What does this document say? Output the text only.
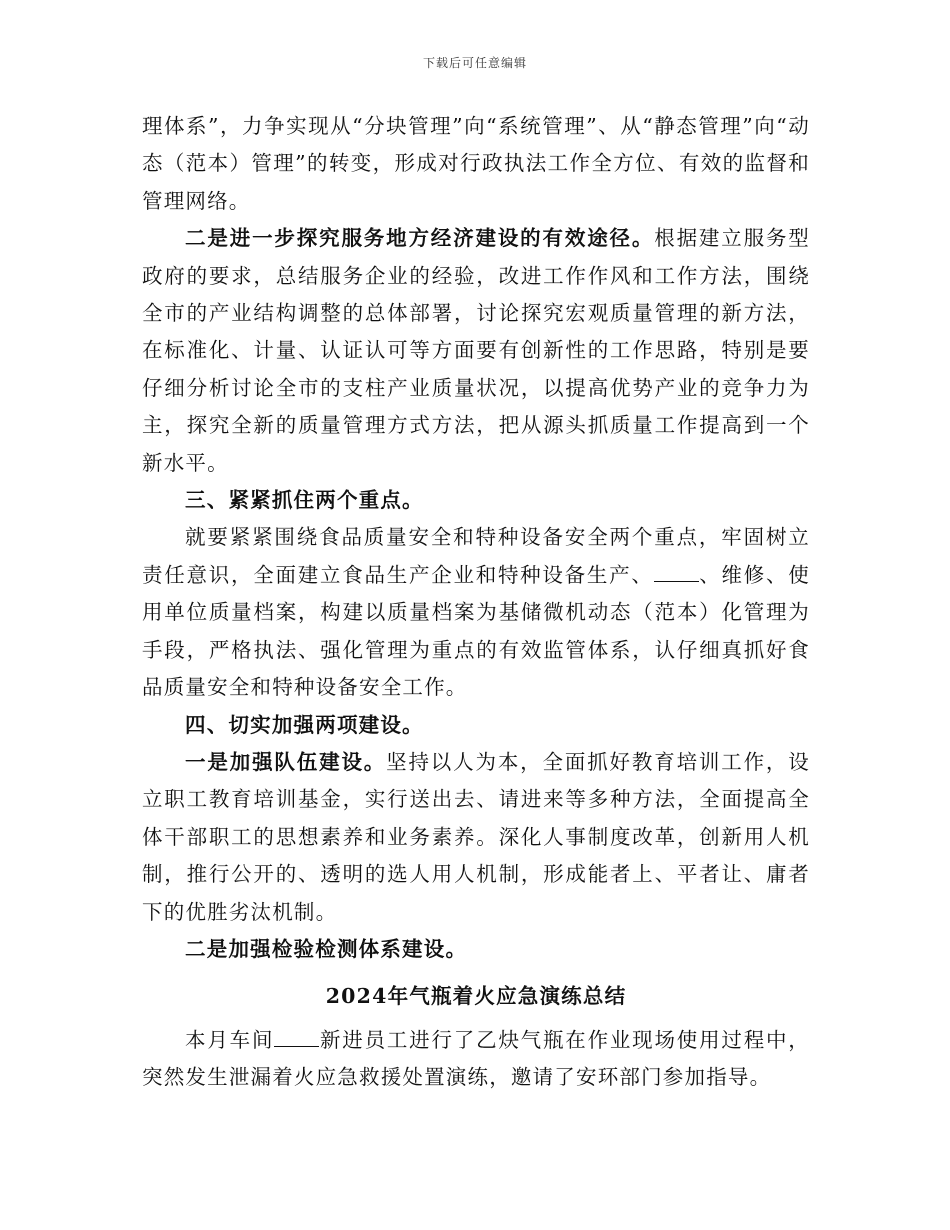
下载后可任意编辑

理体系”，力争实现从“分块管理”向“系统管理”、从“静态管理”向“动态（范本）管理”的转变，形成对行政执法工作全方位、有效的监督和管理网络。

二是进一步探究服务地方经济建设的有效途径。根据建立服务型政府的要求，总结服务企业的经验，改进工作作风和工作方法，围绕全市的产业结构调整的总体部署，讨论探究宏观质量管理的新方法，在标准化、计量、认证认可等方面要有创新性的工作思路，特别是要仔细分析讨论全市的支柱产业质量状况，以提高优势产业的竞争力为主，探究全新的质量管理方式方法，把从源头抓质量工作提高到一个新水平。

三、紧紧抓住两个重点。

就要紧紧围绕食品质量安全和特种设备安全两个重点，牢固树立责任意识，全面建立食品生产企业和特种设备生产、 、维修、使用单位质量档案，构建以质量档案为基储微机动态（范本）化管理为手段，严格执法、强化管理为重点的有效监管体系，认仔细真抓好食品质量安全和特种设备安全工作。

四、切实加强两项建设。

一是加强队伍建设。坚持以人为本，全面抓好教育培训工作，设立职工教育培训基金，实行送出去、请进来等多种方法，全面提高全体干部职工的思想素养和业务素养。深化人事制度改革，创新用人机制，推行公开的、透明的选人用人机制，形成能者上、平者让、庸者下的优胜劣汰机制。

二是加强检验检测体系建设。

2024年气瓶着火应急演练总结

本月车间 新进员工进行了乙炔气瓶在作业现场使用过程中，突然发生泄漏着火应急救援处置演练，邀请了安环部门参加指导。
